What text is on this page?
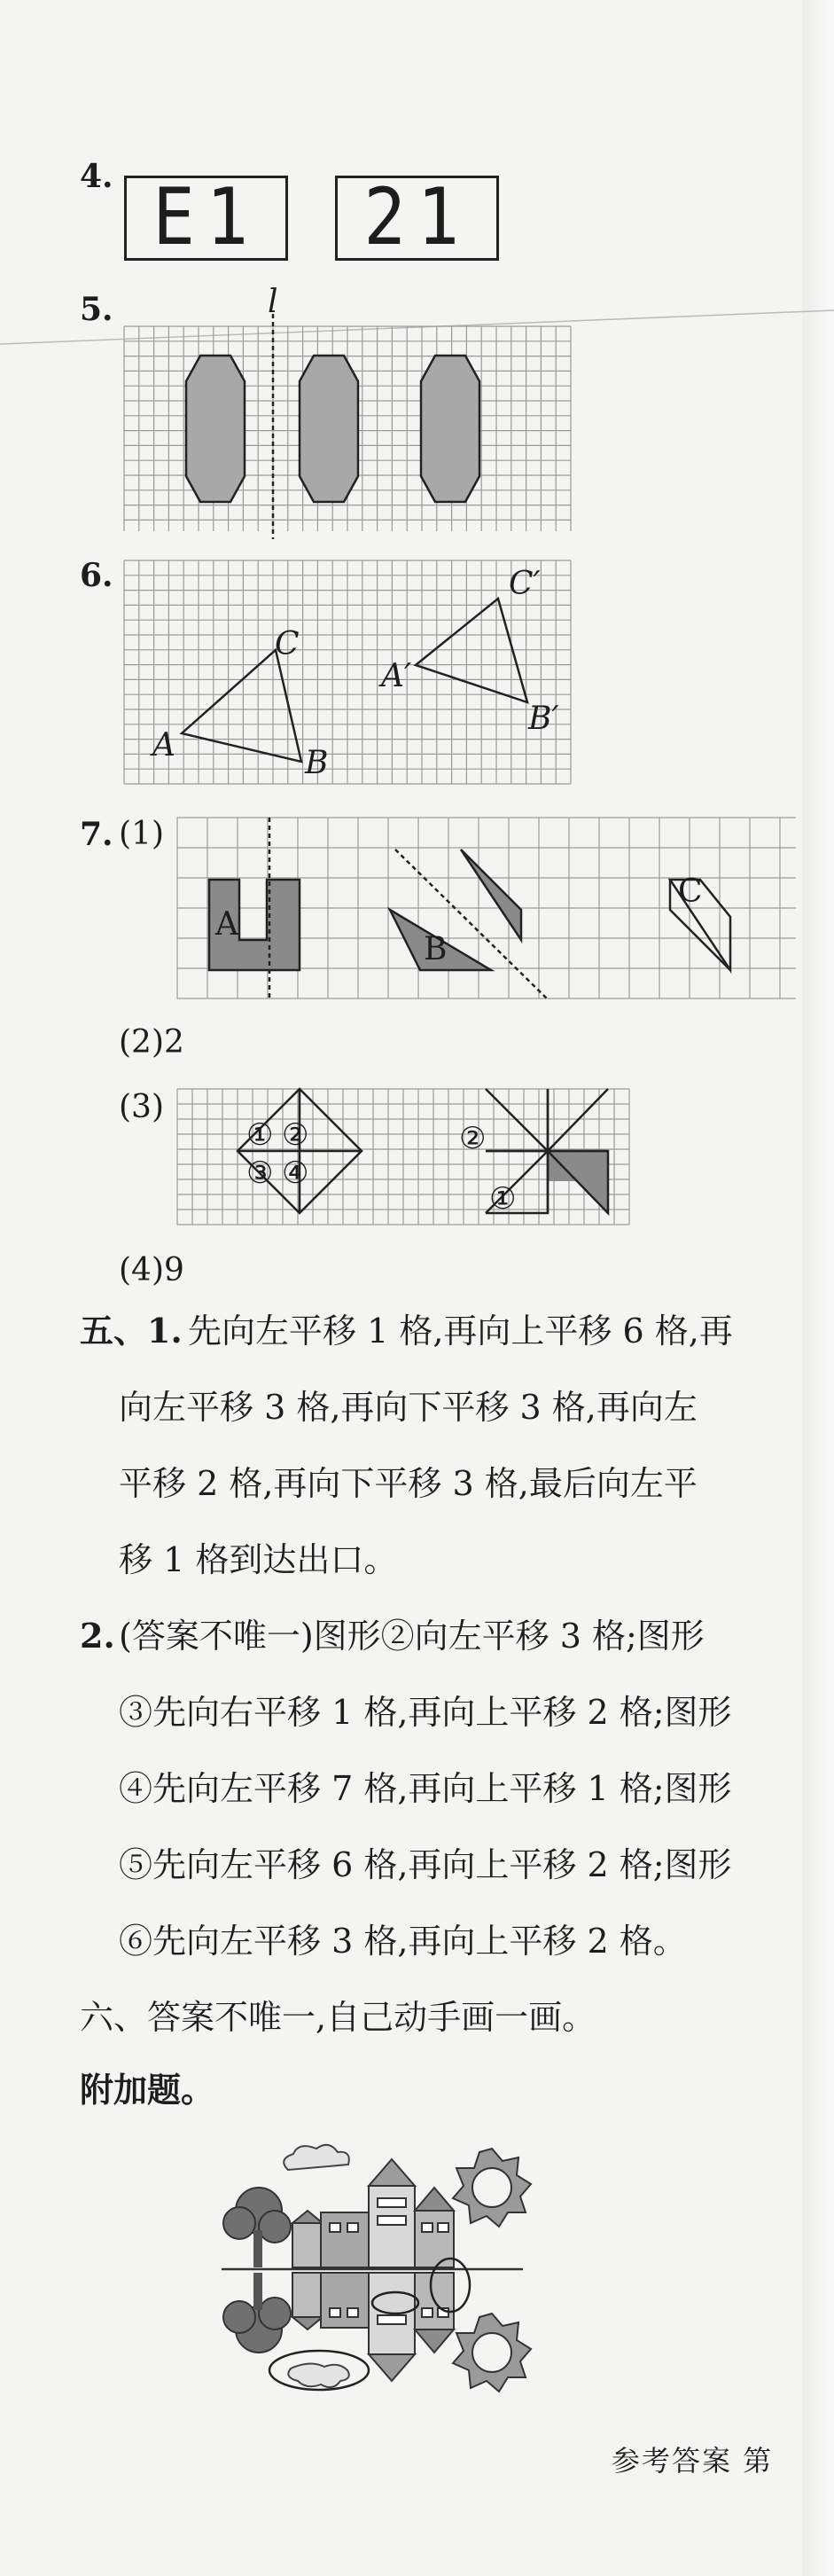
4. E1 21
5.	l
6.
A	B
C
A′
B′
C′
7. (1)
A
B
C
(2)2
(3)
① ②
③ ④
②
①
(4)9
五、1. 先向左平移 1 格,再向上平移 6 格,再
向左平移 3 格,再向下平移 3 格,再向左
平移 2 格,再向下平移 3 格,最后向左平
移 1 格到达出口。
2. (答案不唯一)图形②向左平移 3 格;图形
③先向右平移 1 格,再向上平移 2 格;图形
④先向左平移 7 格,再向上平移 1 格;图形
⑤先向左平移 6 格,再向上平移 2 格;图形
⑥先向左平移 3 格,再向上平移 2 格。
六、答案不唯一,自己动手画一画。
附加题。
参考答案 第
